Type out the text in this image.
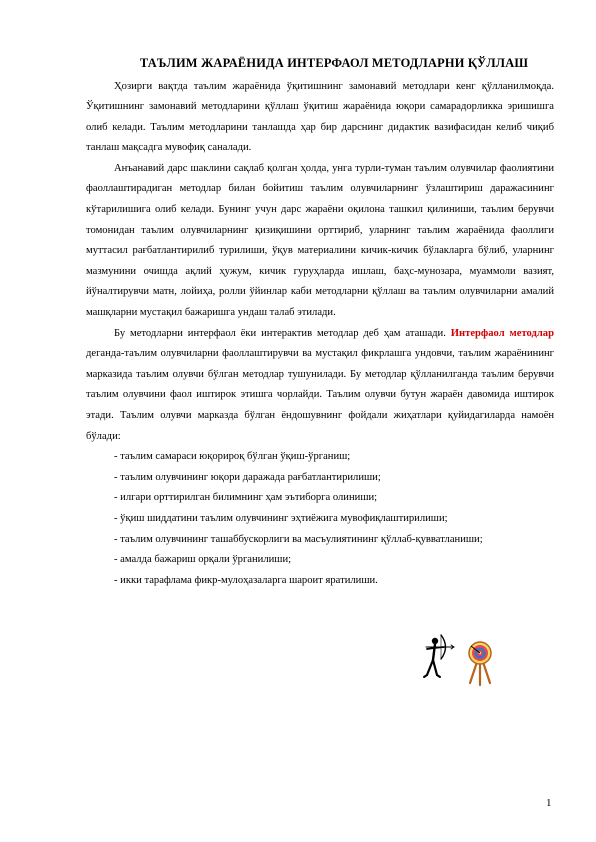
ТАЪЛИМ ЖАРАЁНИДА ИНТЕРФАОЛ МЕТОДЛАРНИ ҚЎЛЛАШ

Ҳозирги вақтда таълим жараёнида ўқитишнинг замонавий методлари кенг қўлланилмоқда. Ўқитишнинг замонавий методларини қўллаш ўқитиш жараёнида юқори самарадорликка эришишга олиб келади. Таълим методларини танлашда ҳар бир дарснинг дидактик вазифасидан келиб чиқиб танлаш мақсадга мувофиқ саналади.

Анъанавий дарс шаклини сақлаб қолган ҳолда, унга турли-туман таълим олувчилар фаолиятини фаоллаштирадиган методлар билан бойитиш таълим олувчиларнинг ўзлаштириш даражасининг кўтарилишига олиб келади. Бунинг учун дарс жараёни оқилона ташкил қилиниши, таълим берувчи томонидан таълим олувчиларнинг қизиқишини орттириб, уларнинг таълим жараёнида фаоллиги муттасил рағбатлантирилиб турилиши, ўқув материалини кичик-кичик бўлакларга бўлиб, уларнинг мазмунини очишда ақлий ҳужум, кичик гуруҳларда ишлаш, баҳс-мунозара, муаммоли вазият, йўналтирувчи матн, лойиҳа, ролли ўйинлар каби методларни қўллаш ва таълим олувчиларни амалий машқларни мустақил бажаришга ундаш талаб этилади.

Бу методларни интерфаол ёки интерактив методлар деб ҳам аташади. Интерфаол методлар деганда-таълим олувчиларни фаоллаштирувчи ва мустақил фикрлашга ундовчи, таълим жараёнининг марказида таълим олувчи бўлган методлар тушунилади. Бу методлар қўлланилганда таълим берувчи таълим олувчини фаол иштирок этишга чорлайди. Таълим олувчи бутун жараён давомида иштирок этади. Таълим олувчи марказда бўлган ёндошувнинг фойдали жиҳатлари қуйидагиларда намоён бўлади:

- таълим самараси юқорироқ бўлган ўқиш-ўрганиш;
- таълим олувчининг юқори даражада рағбатлантирилиши;
- илгари орттирилган билимнинг ҳам эътиборга олиниши;
- ўқиш шиддатини таълим олувчининг эҳтиёжига мувофиқлаштирилиши;
- таълим олувчининг ташаббускорлиги ва масъулиятининг қўллаб-қувватланиши;
- амалда бажариш орқали ўрганилиши;
- икки тарафлама фикр-мулоҳазаларга шароит яратилиши.
1
